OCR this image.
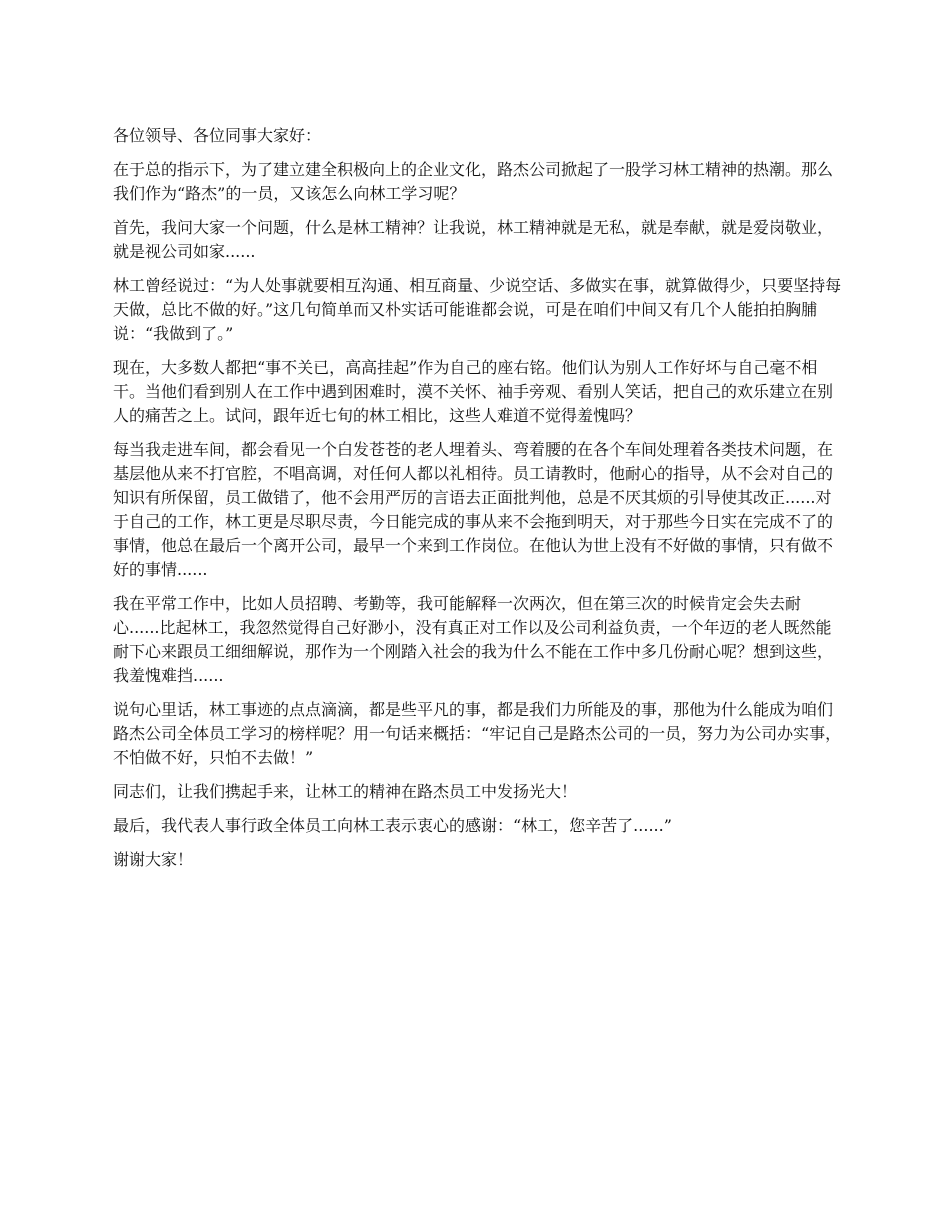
各位领导、各位同事大家好：

在于总的指示下，为了建立建全积极向上的企业文化，路杰公司掀起了一股学习林工精神的热潮。那么我们作为“路杰”的一员，又该怎么向林工学习呢？

首先，我问大家一个问题，什么是林工精神？让我说，林工精神就是无私，就是奉献，就是爱岗敬业，就是视公司如家......

林工曾经说过：“为人处事就要相互沟通、相互商量、少说空话、多做实在事，就算做得少，只要坚持每天做，总比不做的好。”这几句简单而又朴实话可能谁都会说，可是在咱们中间又有几个人能拍拍胸脯说：“我做到了。”

现在，大多数人都把“事不关已，高高挂起”作为自己的座右铭。他们认为别人工作好坏与自己毫不相干。当他们看到别人在工作中遇到困难时，漠不关怀、袖手旁观、看别人笑话，把自己的欢乐建立在别人的痛苦之上。试问，跟年近七旬的林工相比，这些人难道不觉得羞愧吗？

每当我走进车间，都会看见一个白发苍苍的老人埋着头、弯着腰的在各个车间处理着各类技术问题，在基层他从来不打官腔，不唱高调，对任何人都以礼相待。员工请教时，他耐心的指导，从不会对自己的知识有所保留，员工做错了，他不会用严厉的言语去正面批判他，总是不厌其烦的引导使其改正......对于自己的工作，林工更是尽职尽责，今日能完成的事从来不会拖到明天，对于那些今日实在完成不了的事情，他总在最后一个离开公司，最早一个来到工作岗位。在他认为世上没有不好做的事情，只有做不好的事情......

我在平常工作中，比如人员招聘、考勤等，我可能解释一次两次，但在第三次的时候肯定会失去耐心......比起林工，我忽然觉得自己好渺小，没有真正对工作以及公司利益负责，一个年迈的老人既然能耐下心来跟员工细细解说，那作为一个刚踏入社会的我为什么不能在工作中多几份耐心呢？想到这些，我羞愧难挡......

说句心里话，林工事迹的点点滴滴，都是些平凡的事，都是我们力所能及的事，那他为什么能成为咱们路杰公司全体员工学习的榜样呢？用一句话来概括：“牢记自己是路杰公司的一员，努力为公司办实事，不怕做不好，只怕不去做！”

同志们，让我们携起手来，让林工的精神在路杰员工中发扬光大！

最后，我代表人事行政全体员工向林工表示衷心的感谢：“林工，您辛苦了......”

谢谢大家！
